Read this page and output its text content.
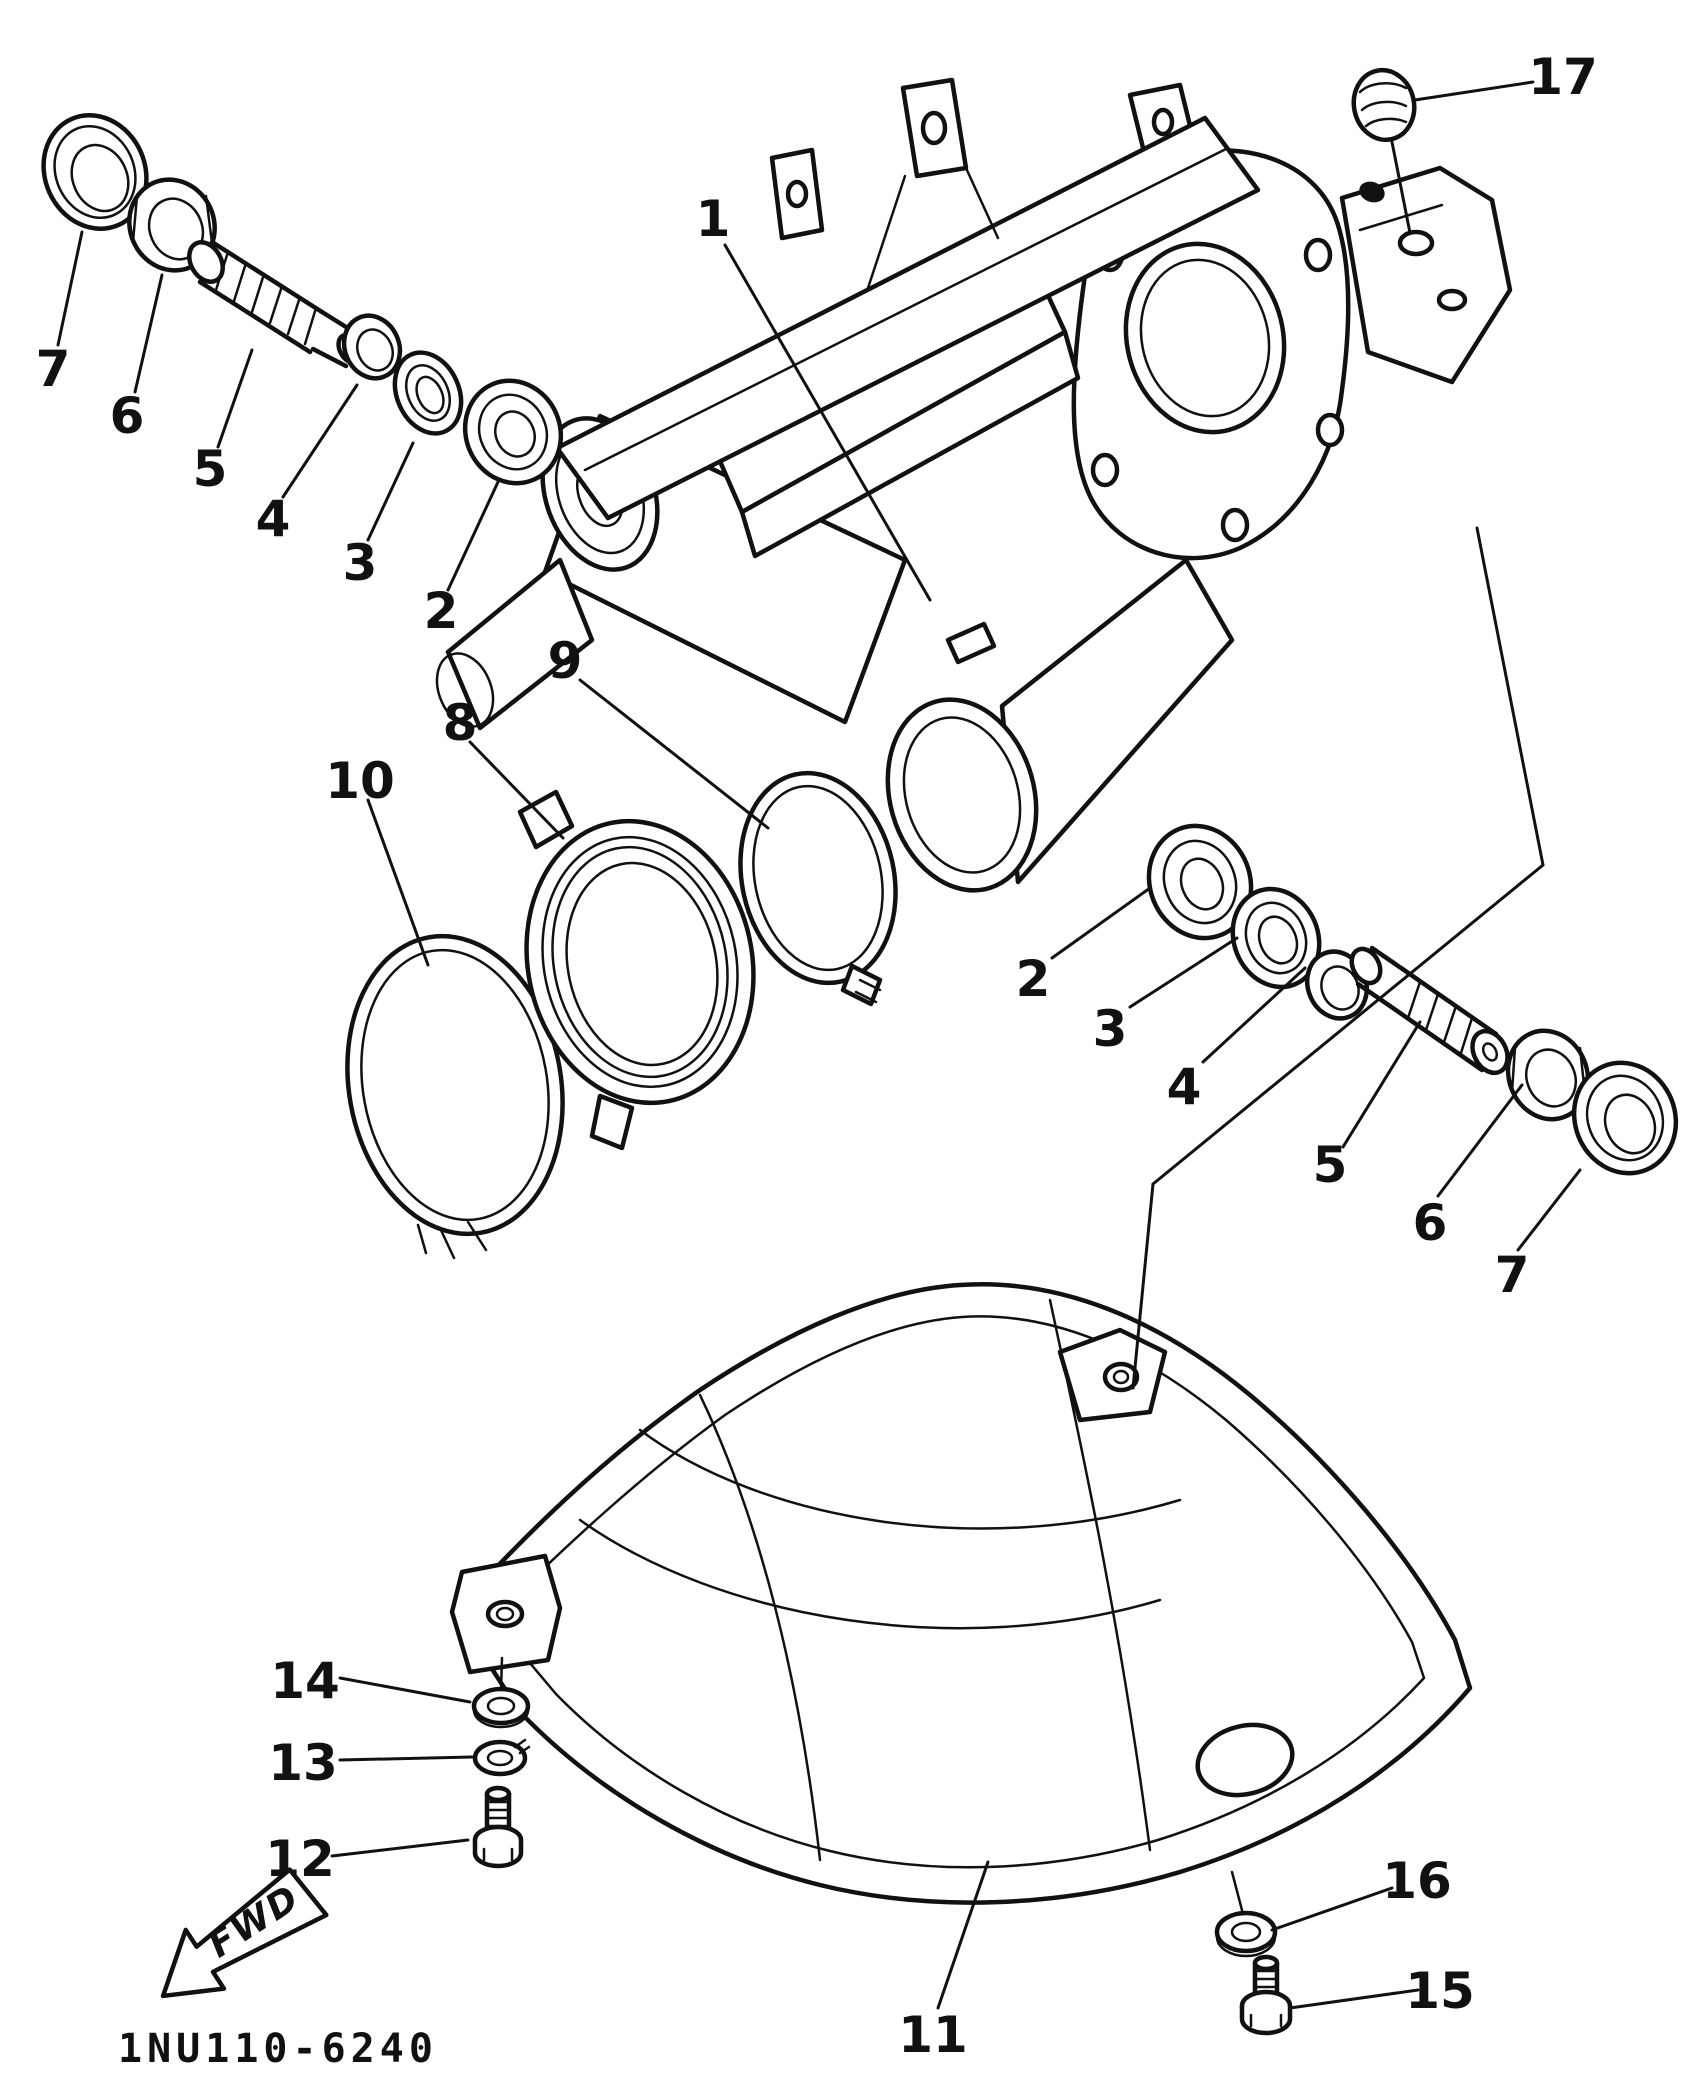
1
7
6
5
4
3
2
9
8
10
17
2
3
4
5
6
7
14
13
12
11
16
15
FWD
1NU110-6240
